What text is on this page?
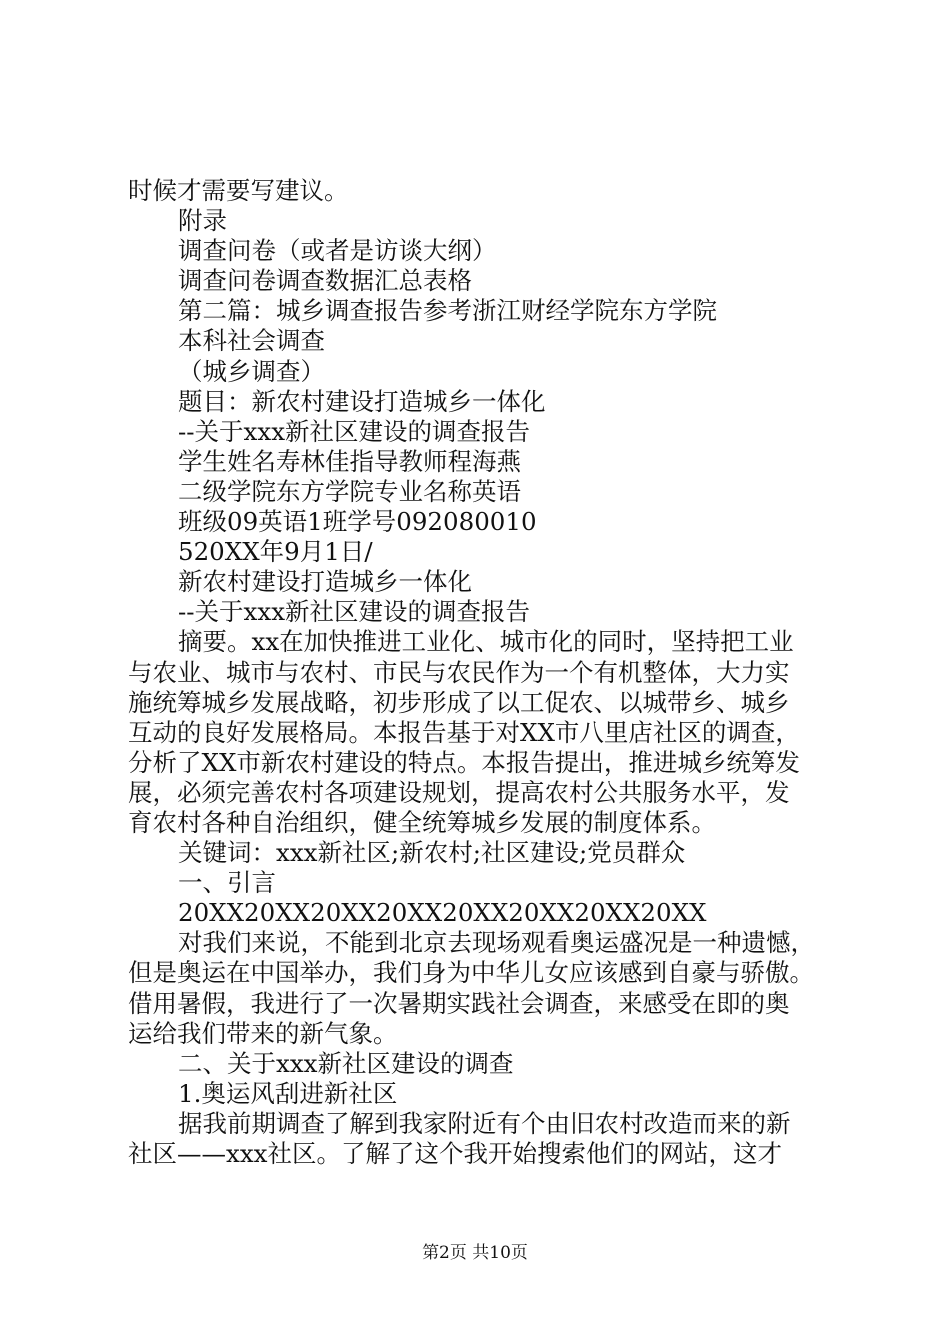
时候才需要写建议。
附录
调查问卷（或者是访谈大纲）
调查问卷调查数据汇总表格
第二篇：城乡调查报告参考浙江财经学院东方学院
本科社会调查
（城乡调查）
题目：新农村建设打造城乡一体化
--关于xxx新社区建设的调查报告
学生姓名寿林佳指导教师程海燕
二级学院东方学院专业名称英语
班级09英语1班学号092080010
520XX年9月1日/
新农村建设打造城乡一体化
--关于xxx新社区建设的调查报告
摘要。xx在加快推进工业化、城市化的同时，坚持把工业
与农业、城市与农村、市民与农民作为一个有机整体，大力实
施统筹城乡发展战略，初步形成了以工促农、以城带乡、城乡
互动的良好发展格局。本报告基于对XX市八里店社区的调查，
分析了XX市新农村建设的特点。本报告提出，推进城乡统筹发
展，必须完善农村各项建设规划，提高农村公共服务水平，发
育农村各种自治组织，健全统筹城乡发展的制度体系。
关键词：xxx新社区;新农村;社区建设;党员群众
一、引言
20XX20XX20XX20XX20XX20XX20XX20XX
对我们来说，不能到北京去现场观看奥运盛况是一种遗憾，
但是奥运在中国举办，我们身为中华儿女应该感到自豪与骄傲。
借用暑假，我进行了一次暑期实践社会调查，来感受在即的奥
运给我们带来的新气象。
二、关于xxx新社区建设的调查
1.奥运风刮进新社区
据我前期调查了解到我家附近有个由旧农村改造而来的新
社区——xxx社区。了解了这个我开始搜索他们的网站，这才
第2页 共10页
